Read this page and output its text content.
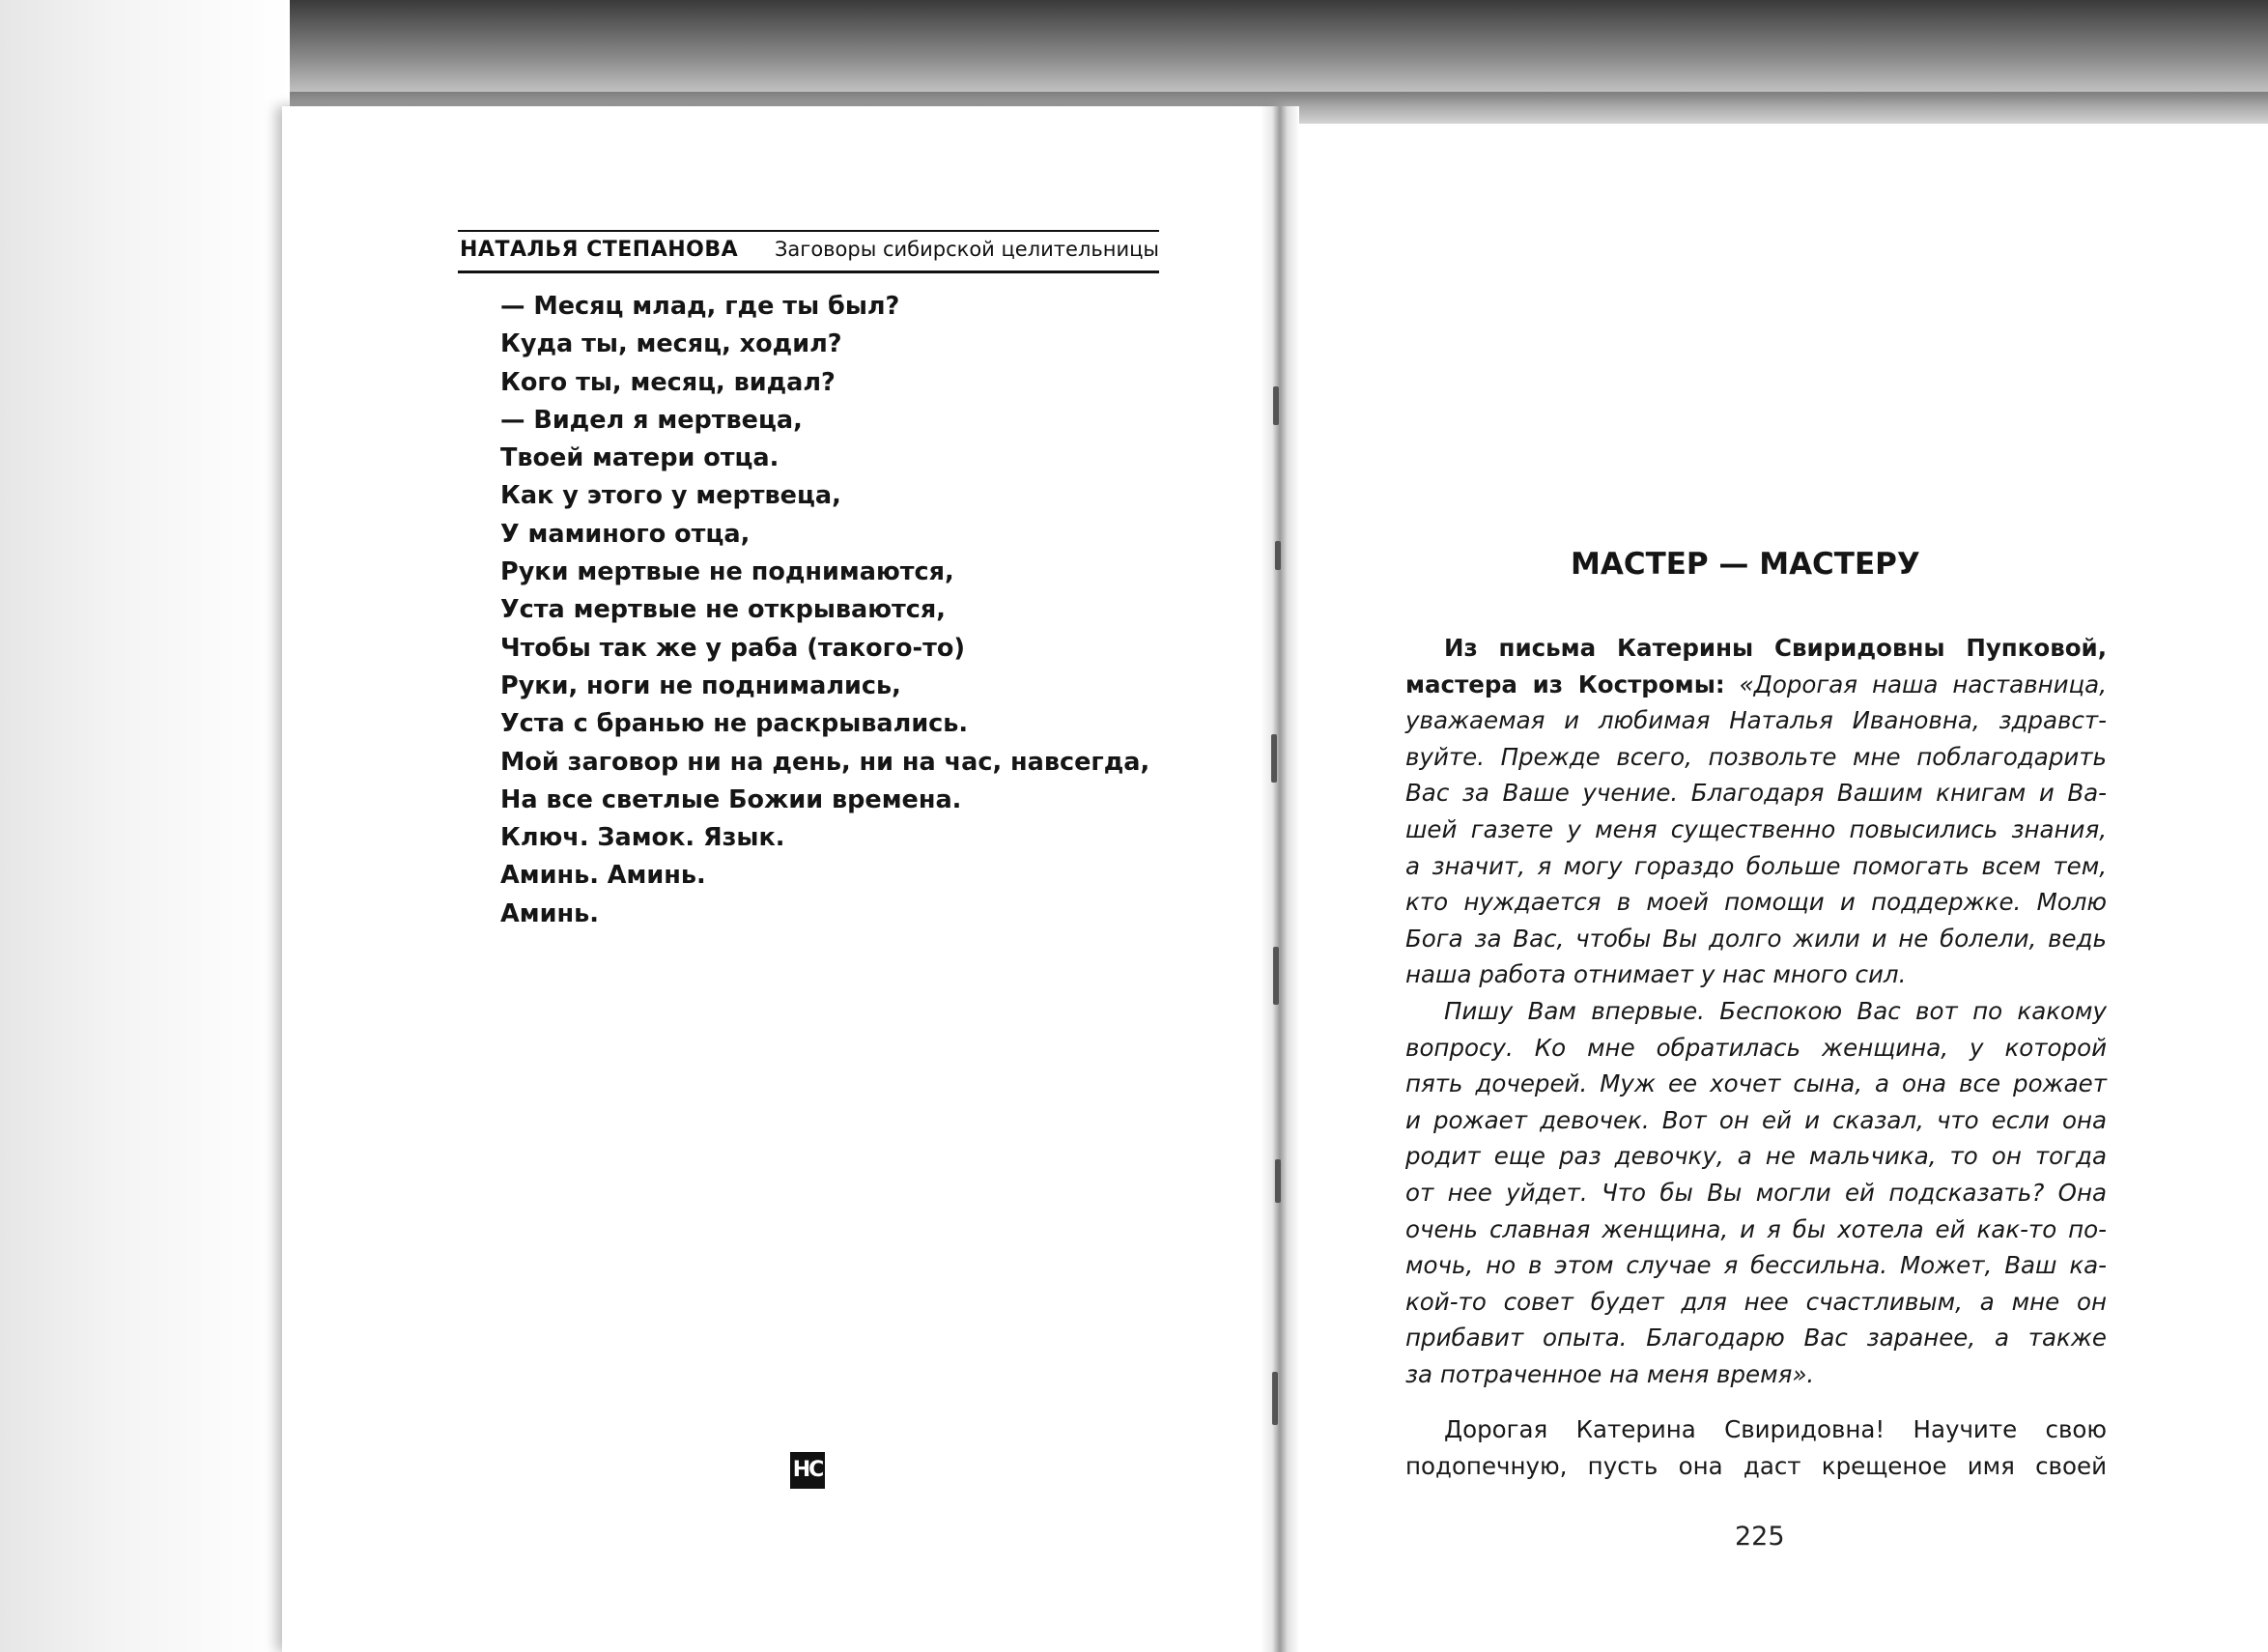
НАТАЛЬЯ СТЕПАНОВА Заговоры сибирской целительницы
— Месяц млад, где ты был?
Куда ты, месяц, ходил?
Кого ты, месяц, видал?
— Видел я мертвеца,
Твоей матери отца.
Как у этого у мертвеца,
У маминого отца,
Руки мертвые не поднимаются,
Уста мертвые не открываются,
Чтобы так же у раба (такого-то)
Руки, ноги не поднимались,
Уста с бранью не раскрывались.
Мой заговор ни на день, ни на час, навсегда,
На все светлые Божии времена.
Ключ. Замок. Язык.
Аминь. Аминь.
Аминь.
НС
МАСТЕР — МАСТЕРУ
Из письма Катерины Свиридовны Пупковой,
мастера из Костромы: «Дорогая наша наставница,
уважаемая и любимая Наталья Ивановна, здравст-
вуйте. Прежде всего, позвольте мне поблагодарить
Вас за Ваше учение. Благодаря Вашим книгам и Ва-
шей газете у меня существенно повысились знания,
а значит, я могу гораздо больше помогать всем тем,
кто нуждается в моей помощи и поддержке. Молю
Бога за Вас, чтобы Вы долго жили и не болели, ведь
наша работа отнимает у нас много сил.
Пишу Вам впервые. Беспокою Вас вот по какому
вопросу. Ко мне обратилась женщина, у которой
пять дочерей. Муж ее хочет сына, а она все рожает
и рожает девочек. Вот он ей и сказал, что если она
родит еще раз девочку, а не мальчика, то он тогда
от нее уйдет. Что бы Вы могли ей подсказать? Она
очень славная женщина, и я бы хотела ей как-то по-
мочь, но в этом случае я бессильна. Может, Ваш ка-
кой-то совет будет для нее счастливым, а мне он
прибавит опыта. Благодарю Вас заранее, а также
за потраченное на меня время».
Дорогая Катерина Свиридовна! Научите свою
подопечную, пусть она даст крещеное имя своей
225
